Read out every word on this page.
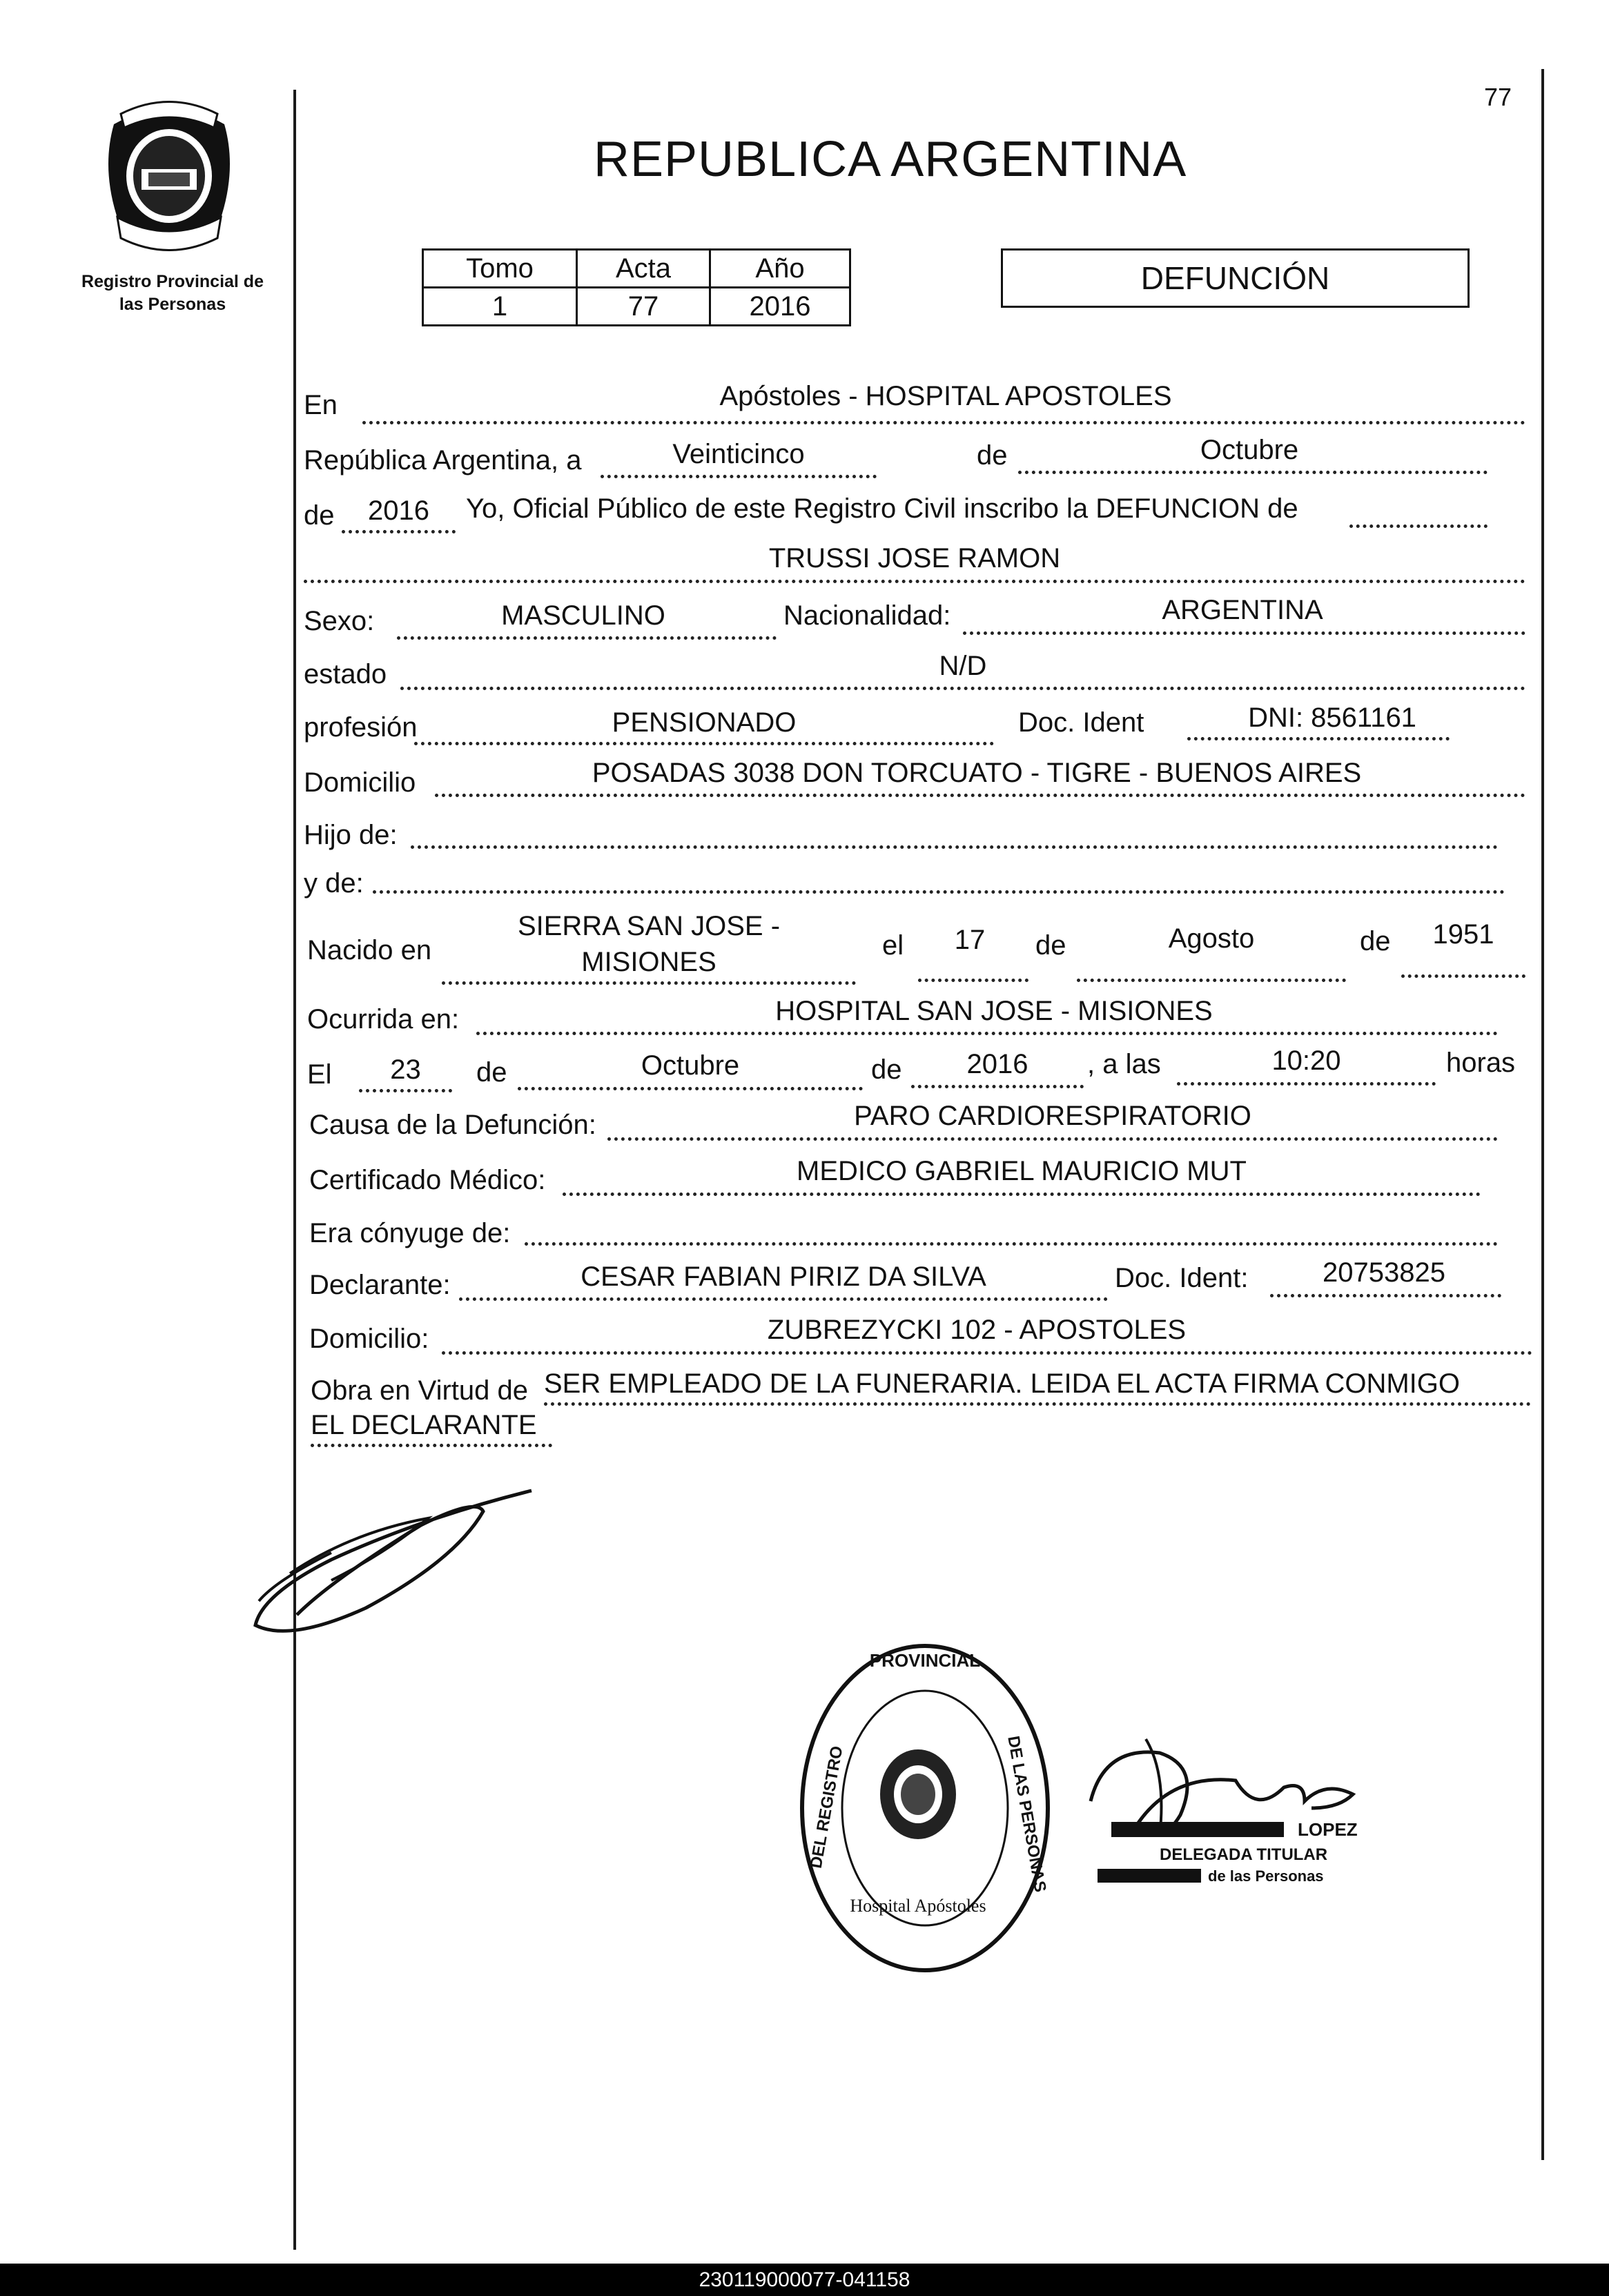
Registro Provincial de
las Personas
77
REPUBLICA ARGENTINA
Tomo	Acta	Año
1	77	2016
DEFUNCIÓN
En	Apóstoles - HOSPITAL APOSTOLES
República Argentina, a	Veinticinco	de	Octubre
de	2016	Yo, Oficial Público de este Registro Civil inscribo la DEFUNCION de
TRUSSI JOSE RAMON
Sexo:	MASCULINO	Nacionalidad:	ARGENTINA
estado	N/D
profesión	PENSIONADO	Doc. Ident	DNI: 8561161
Domicilio	POSADAS 3038 DON TORCUATO - TIGRE - BUENOS AIRES
Hijo de:
y de:
Nacido en
SIERRA SAN JOSE -
MISIONES
el	17	de	Agosto	de	1951
Ocurrida en:	HOSPITAL SAN JOSE - MISIONES
El	23	de	Octubre	de	2016	, a las	10:20	horas
Causa de la Defunción:	PARO CARDIORESPIRATORIO
Certificado Médico:	MEDICO GABRIEL MAURICIO MUT
Era cónyuge de:
Declarante:	CESAR FABIAN PIRIZ DA SILVA	Doc. Ident:	20753825
Domicilio:	ZUBREZYCKI 102 - APOSTOLES
Obra en Virtud de SER EMPLEADO DE LA FUNERARIA. LEIDA EL ACTA FIRMA CONMIGO
EL DECLARANTE
PROVINCIAL
DEL REGISTRO	DE LAS PERSONAS
Hospital Apóstoles
LOPEZ
DELEGADA TITULAR
de las Personas
230119000077-041158
